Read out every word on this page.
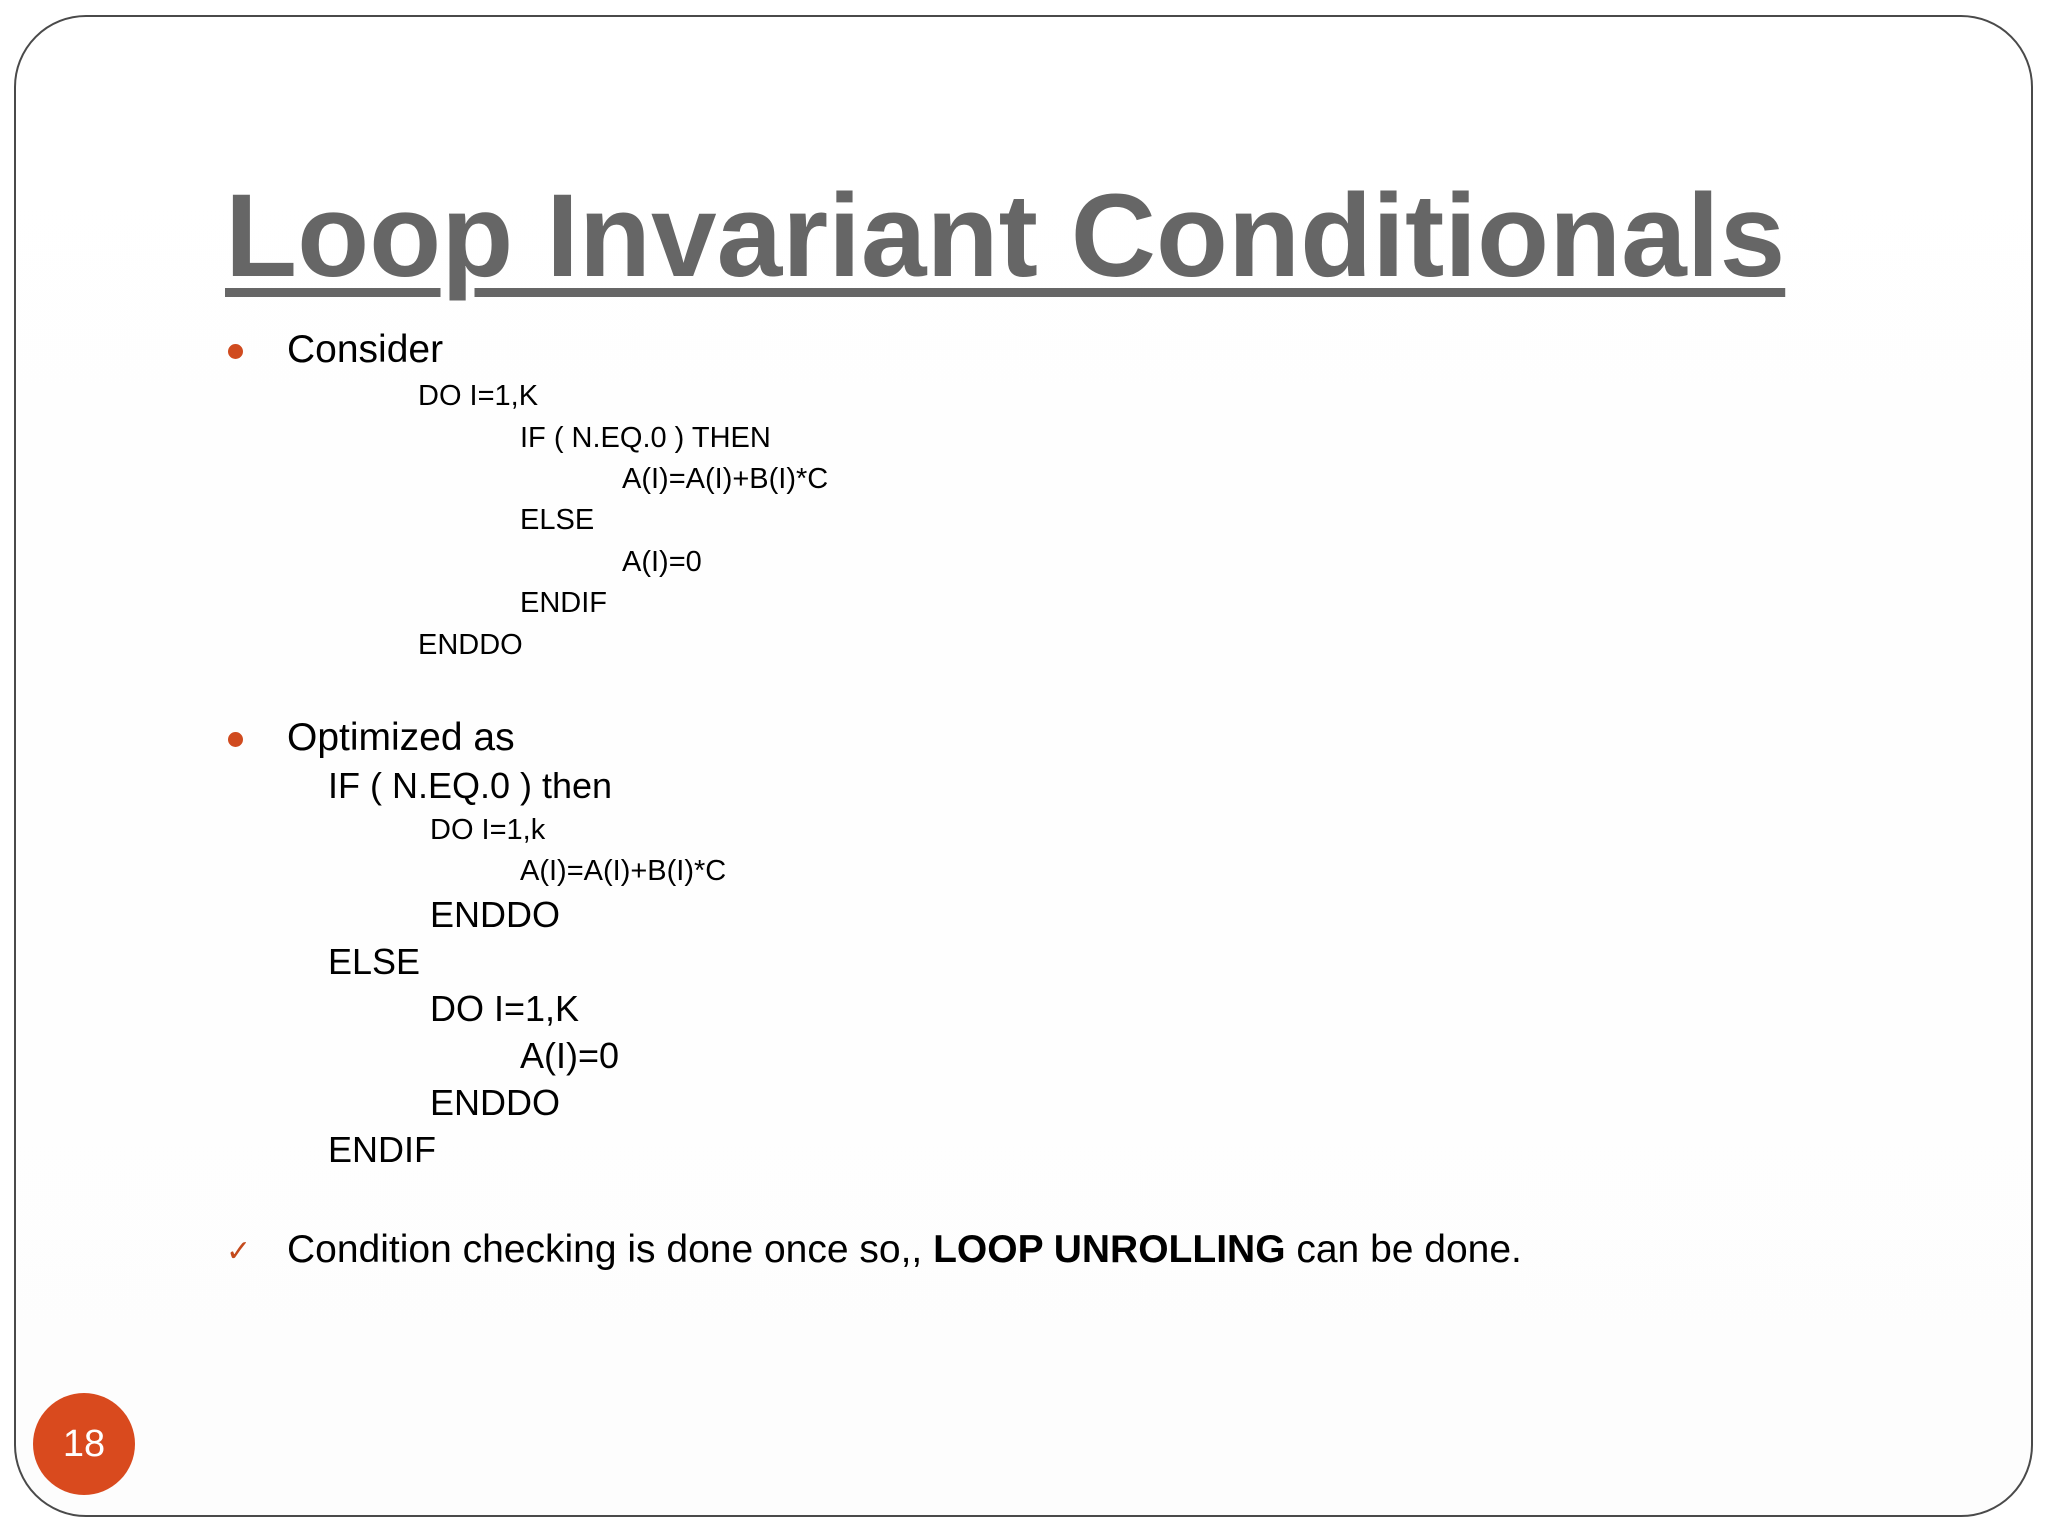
Loop Invariant Conditionals
Consider
DO I=1,K
IF ( N.EQ.0 ) THEN
A(I)=A(I)+B(I)*C
ELSE
A(I)=0
ENDIF
ENDDO
Optimized as
IF ( N.EQ.0 ) then
DO I=1,k
A(I)=A(I)+B(I)*C
ENDDO
ELSE
DO I=1,K
A(I)=0
ENDDO
ENDIF
✓ Condition checking is done once so,, LOOP UNROLLING can be done.
18
